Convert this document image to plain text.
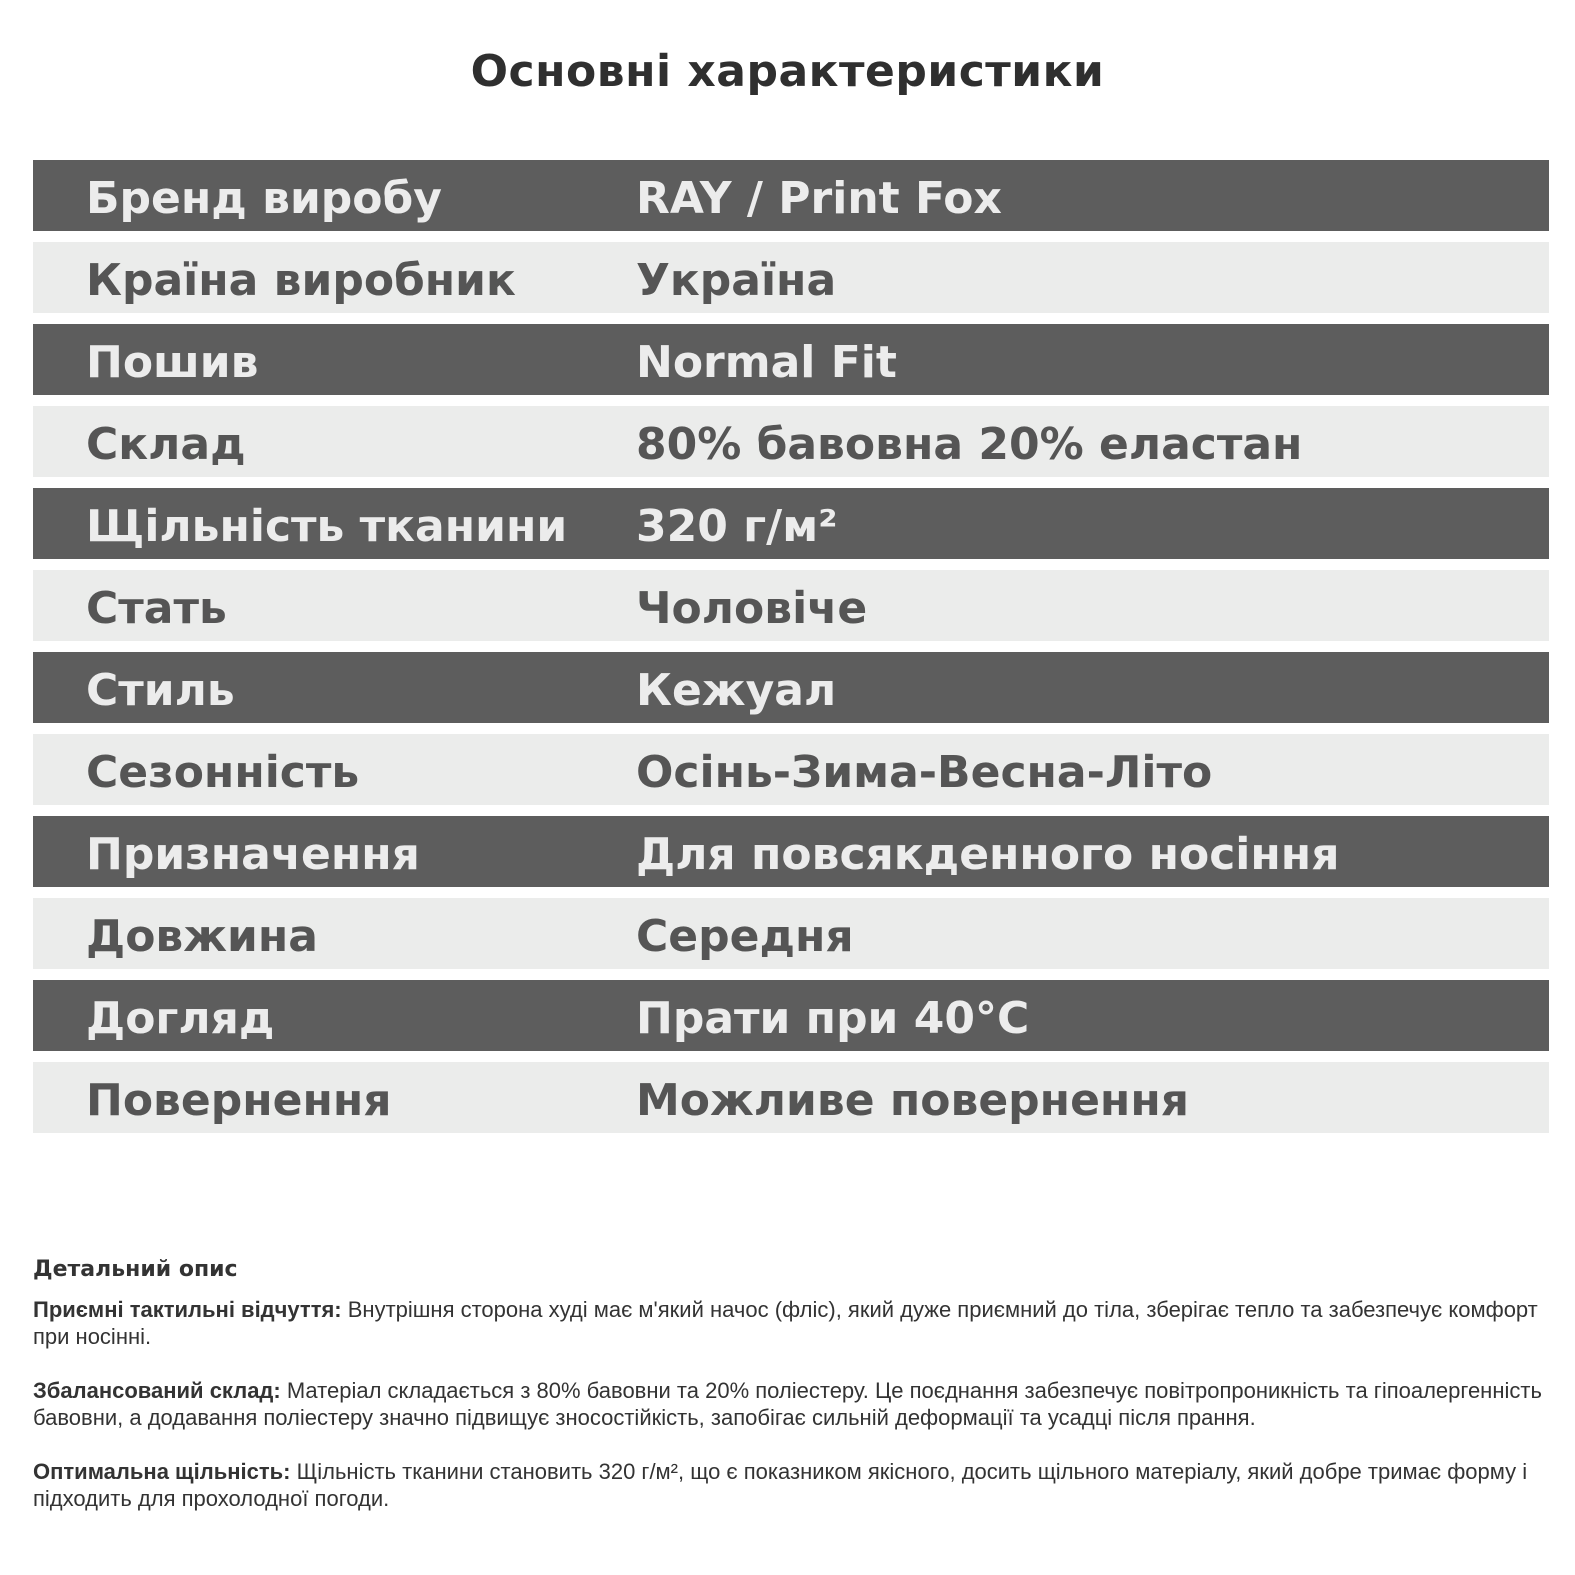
Основні характеристики
Бренд виробу	RAY / Print Fox
Країна виробник	Україна
Пошив	Normal Fit
Склад	80% бавовна 20% еластан
Щільність тканини 320 г/м²
Стать	Чоловіче
Стиль	Кежуал
Сезонність	Осінь-Зима-Весна-Літо
Призначення	Для повсякденного носіння
Довжина	Середня
Догляд	Прати при 40°C
Повернення	Можливе повернення
Детальний опис

Приємні тактильні відчуття: Внутрішня сторона худі має м'який начос (фліс), який дуже приємний до тіла, зберігає тепло та забезпечує комфорт при носінні.

Збалансований склад: Матеріал складається з 80% бавовни та 20% поліестеру. Це поєднання забезпечує повітропроникність та гіпоалергенність бавовни, а додавання поліестеру значно підвищує зносостійкість, запобігає сильній деформації та усадці після прання.

Оптимальна щільність: Щільність тканини становить 320 г/м², що є показником якісного, досить щільного матеріалу, який добре тримає форму і підходить для прохолодної погоди.
